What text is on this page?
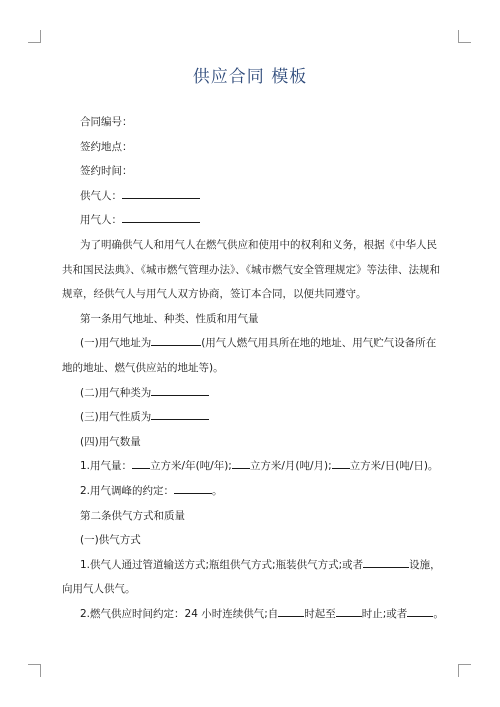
供应合同 模板

合同编号：

签约地点：

签约时间：

供气人：

用气人：

为了明确供气人和用气人在燃气供应和使用中的权利和义务，根据《中华人民共和国民法典》、《城市燃气管理办法》、《城市燃气安全管理规定》等法律、法规和规章，经供气人与用气人双方协商，签订本合同，以便共同遵守。

第一条用气地址、种类、性质和用气量

(一)用气地址为	(用气人燃气用具所在地的地址、用气贮气设备所在地的地址、燃气供应站的地址等)。

(二)用气种类为

(三)用气性质为

(四)用气数量

1.用气量： 立方米/年(吨/年); 立方米/月(吨/月); 立方米/日(吨/日)。

2.用气调峰的约定：	。

第二条供气方式和质量

(一)供气方式

1.供气人通过管道输送方式;瓶组供气方式;瓶装供气方式;或者	设施，向用气人供气。

2.燃气供应时间约定：24 小时连续供气;自 时起至 时止;或者 。
